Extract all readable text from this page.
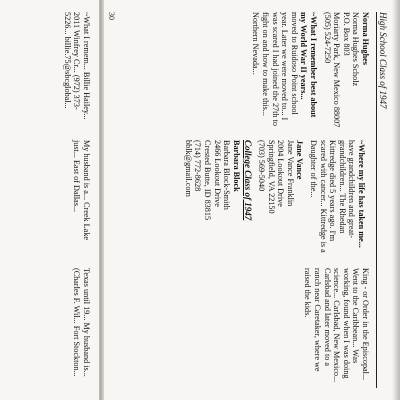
High School Class of 1947
Norma Hughes
Norma Hughes Scholz
P.O. Box 803
Moriarty Park, New Mexico 88007
(505) 524-7250
~What I remember best about my World War II years...

moved to Ruidoso Point school year. Later we were moved to... I was scared I had joined the 27th to fight on and how to make this... Northern Nevada...

~Where my life has taken me...

have grandchildren and great-grandchildren... The Rhedan Kittredge died 5 years ago. I'm scared with cancer... Kittredge is a Daughter of the...

Jane Vance
Jane Vance Franklin
2004 Lookout Drive
Springfield, VA 22150
(703) 569-5040
College Class of 1947
Barbara Block
Barbara Block-Smith
2466 Lookout Drive
Crested Butte, ID 83815
(714) 772-8628
bblk@gmail.com

King - or Order in the Episcopal... Went to the Caribbean... Was working, found when I was doing science... Carlsbad, New Mexico... Carlsbad and later moved to a ranch near Caretaker, where we raised the kids.

30
~What I remem... Billie Hailey... 2011 Winfrey Cr... (972) 373-5226... billie.75@sbcglobal...
My husband is a... Creek Lake just... East of Dallas...
Texas until 19... My husband is... (Charles F. Wil... Fort Stockton...
